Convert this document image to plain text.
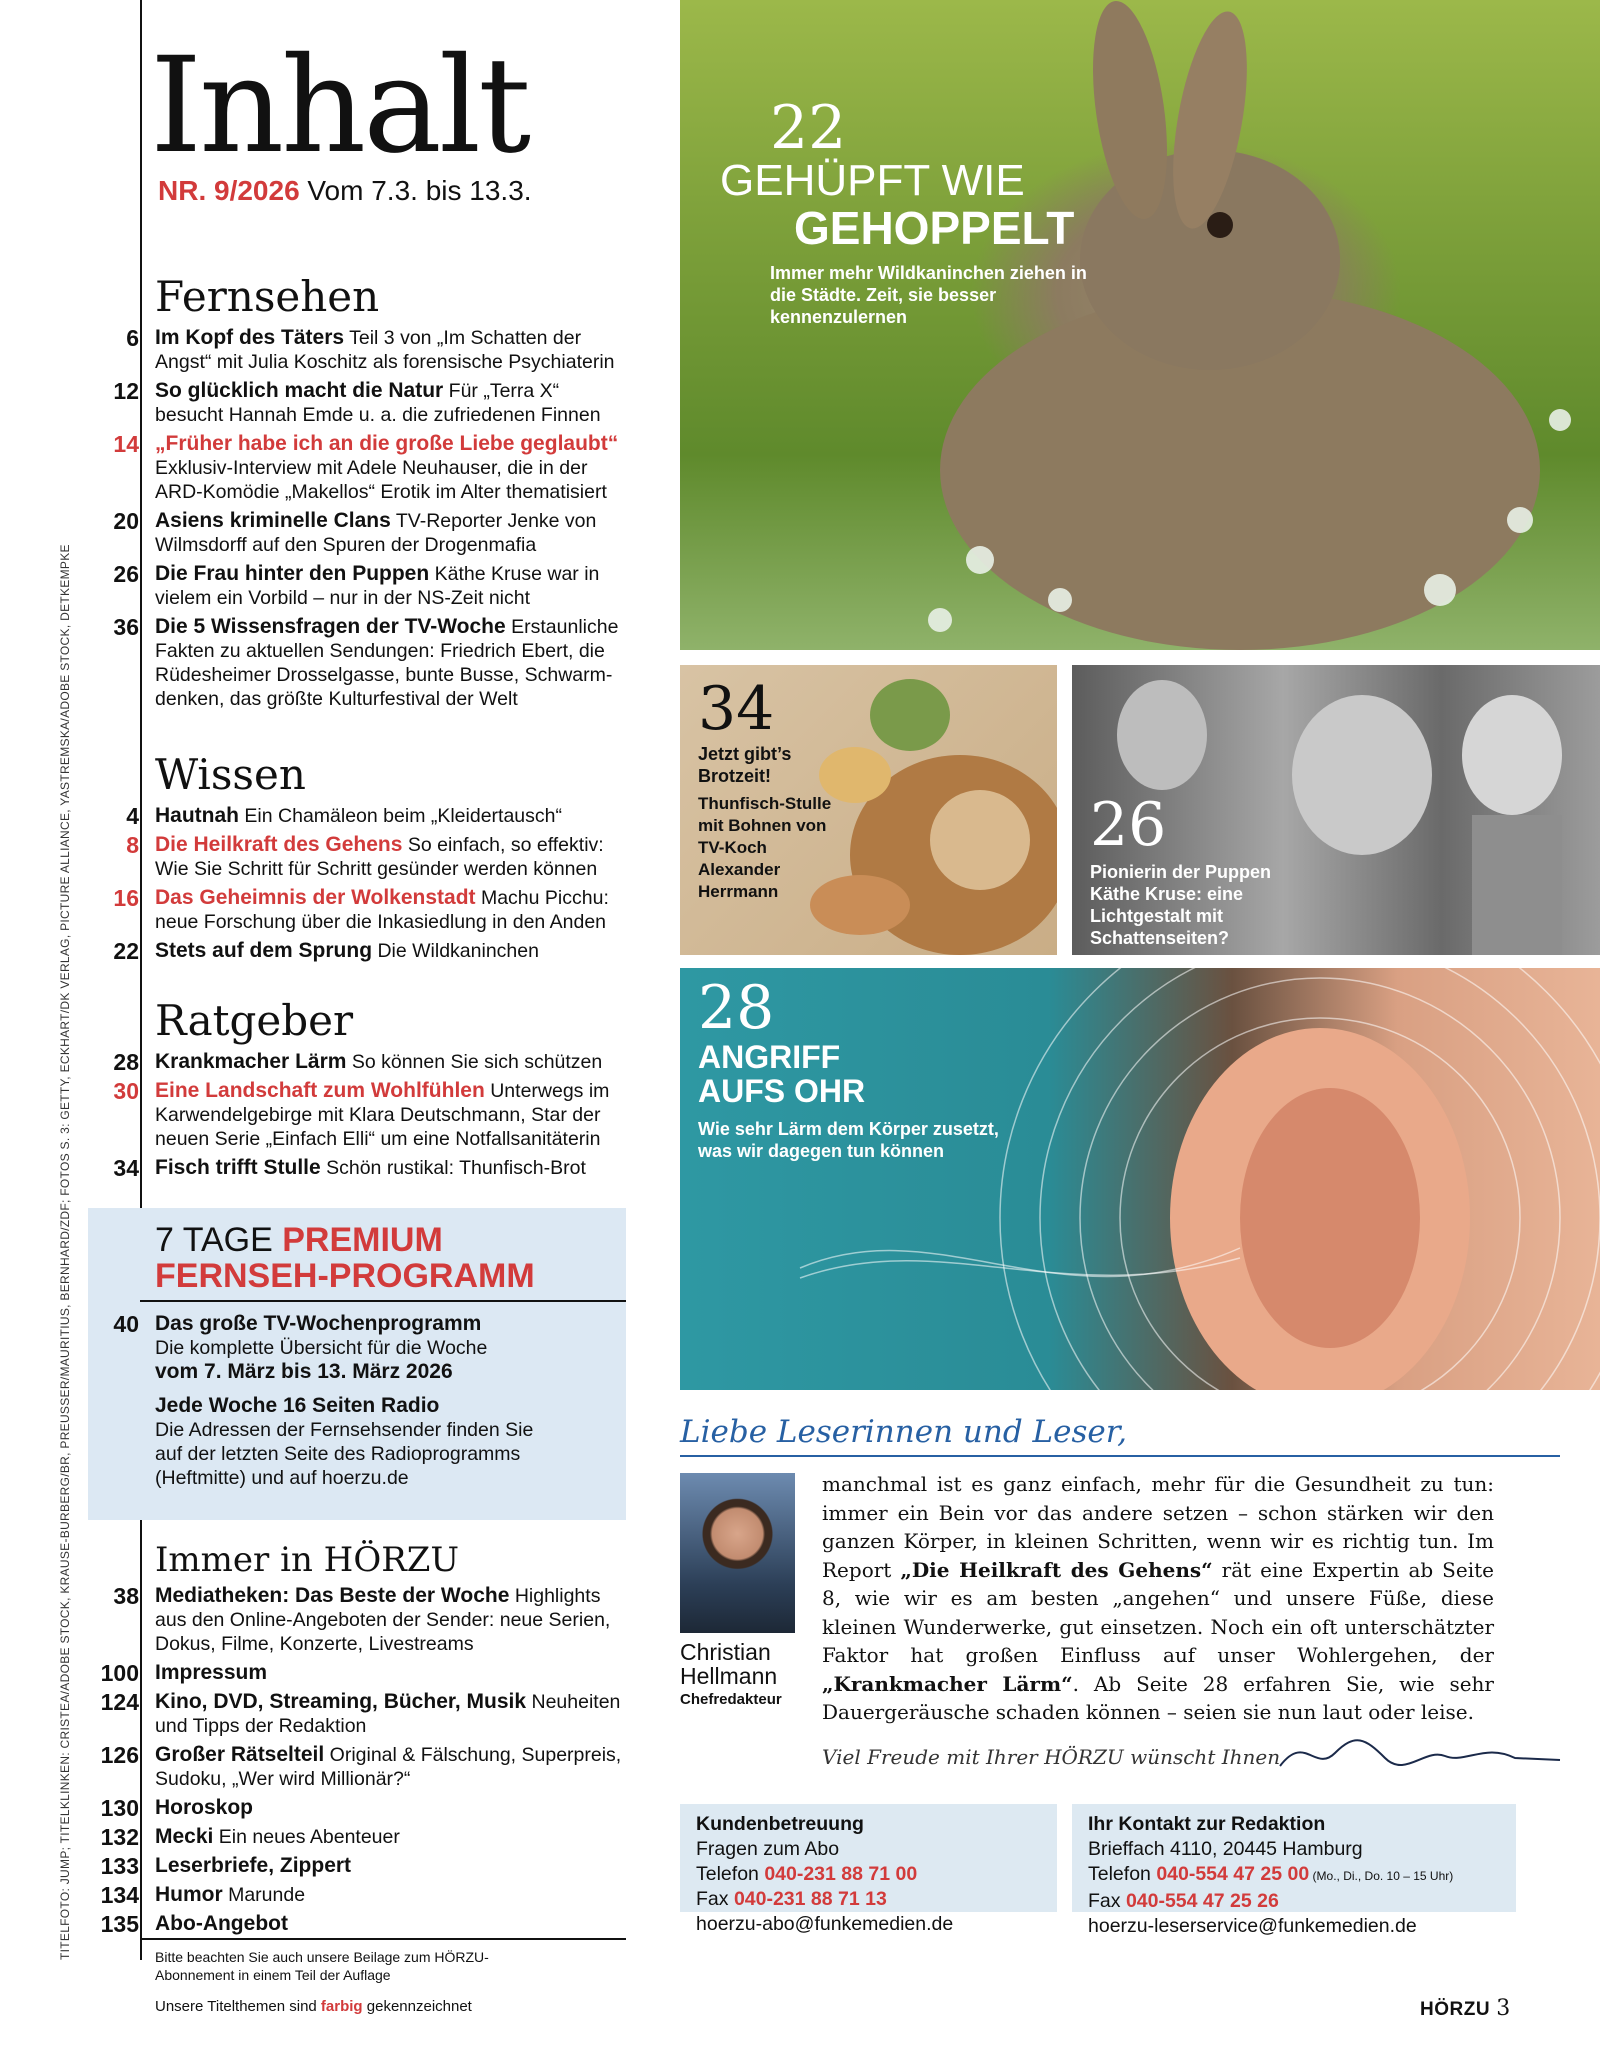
TITELFOTO: JUMP; TITELKLINKEN: CRISTEA/ADOBE STOCK, KRAUSE-BURBERG/BR, PREUSSER/MAURITIUS, BERNHARD/ZDF; FOTOS S. 3: GETTY, ECKHART/DK VERLAG, PICTURE ALLIANCE, YASTREMSKA/ADOBE STOCK, DETKEMPKE
Inhalt
NR. 9/2026 Vom 7.3. bis 13.3.
Fernsehen
6 Im Kopf des Täters Teil 3 von „Im Schatten der Angst“ mit Julia Koschitz als forensische Psychiaterin
12 So glücklich macht die Natur Für „Terra X“ besucht Hannah Emde u. a. die zufriedenen Finnen
14 „Früher habe ich an die große Liebe geglaubt“ Exklusiv-Interview mit Adele Neuhauser, die in der ARD-Komödie „Makellos“ Erotik im Alter thematisiert
20 Asiens kriminelle Clans TV-Reporter Jenke von Wilmsdorff auf den Spuren der Drogenmafia
26 Die Frau hinter den Puppen Käthe Kruse war in vielem ein Vorbild – nur in der NS-Zeit nicht
36 Die 5 Wissensfragen der TV-Woche Erstaunliche Fakten zu aktuellen Sendungen: Friedrich Ebert, die Rüdesheimer Drosselgasse, bunte Busse, Schwarmdenken, das größte Kulturfestival der Welt
Wissen
4 Hautnah Ein Chamäleon beim „Kleidertausch“
8 Die Heilkraft des Gehens So einfach, so effektiv: Wie Sie Schritt für Schritt gesünder werden können
16 Das Geheimnis der Wolkenstadt Machu Picchu: neue Forschung über die Inkasiedlung in den Anden
22 Stets auf dem Sprung Die Wildkaninchen
Ratgeber
28 Krankmacher Lärm So können Sie sich schützen
30 Eine Landschaft zum Wohlfühlen Unterwegs im Karwendelgebirge mit Klara Deutschmann, Star der neuen Serie „Einfach Elli“ um eine Notfallsanitäterin
34 Fisch trifft Stulle Schön rustikal: Thunfisch-Brot
7 TAGE PREMIUM
FERNSEH-PROGRAMM
40 Das große TV-Wochenprogramm
Die komplette Übersicht für die Woche
vom 7. März bis 13. März 2026
Jede Woche 16 Seiten Radio
Die Adressen der Fernsehsender finden Sie auf der letzten Seite des Radioprogramms (Heftmitte) und auf hoerzu.de
Immer in HÖRZU
38 Mediatheken: Das Beste der Woche Highlights aus den Online-Angeboten der Sender: neue Serien, Dokus, Filme, Konzerte, Livestreams
100 Impressum
124 Kino, DVD, Streaming, Bücher, Musik Neuheiten und Tipps der Redaktion
126 Großer Rätselteil Original & Fälschung, Superpreis, Sudoku, „Wer wird Millionär?“
130 Horoskop
132 Mecki Ein neues Abenteuer
133 Leserbriefe, Zippert
134 Humor Marunde
135 Abo-Angebot
Bitte beachten Sie auch unsere Beilage zum HÖRZU-Abonnement in einem Teil der Auflage
Unsere Titelthemen sind farbig gekennzeichnet
22
GEHÜPFT WIE
GEHOPPELT
Immer mehr Wildkaninchen ziehen in die Städte. Zeit, sie besser kennenzulernen
34
Jetzt gibt’s Brotzeit!
Thunfisch-Stulle mit Bohnen von TV-Koch Alexander Herrmann
26
Pionierin der Puppen
Käthe Kruse: eine Lichtgestalt mit Schattenseiten?
28
ANGRIFF
AUFS OHR
Wie sehr Lärm dem Körper zusetzt, was wir dagegen tun können
Liebe Leserinnen und Leser,
Christian
Hellmann
Chefredakteur
manchmal ist es ganz einfach, mehr für die Gesundheit zu tun: immer ein Bein vor das andere setzen – schon stärken wir den ganzen Körper, in kleinen Schritten, wenn wir es richtig tun. Im Report „Die Heilkraft des Gehens“ rät eine Expertin ab Seite 8, wie wir es am besten „angehen“ und unsere Füße, diese kleinen Wunderwerke, gut einsetzen. Noch ein oft unterschätzter Faktor hat großen Einfluss auf unser Wohlergehen, der „Krankmacher Lärm“. Ab Seite 28 erfahren Sie, wie sehr Dauergeräusche schaden können – seien sie nun laut oder leise.
Viel Freude mit Ihrer HÖRZU wünscht Ihnen
Kundenbetreuung
Fragen zum Abo
Telefon 040-231 88 71 00
Fax 040-231 88 71 13
hoerzu-abo@funkemedien.de
Ihr Kontakt zur Redaktion
Brieffach 4110, 20445 Hamburg
Telefon 040-554 47 25 00 (Mo., Di., Do. 10 – 15 Uhr)
Fax 040-554 47 25 26
hoerzu-leserservice@funkemedien.de
HÖRZU 3
